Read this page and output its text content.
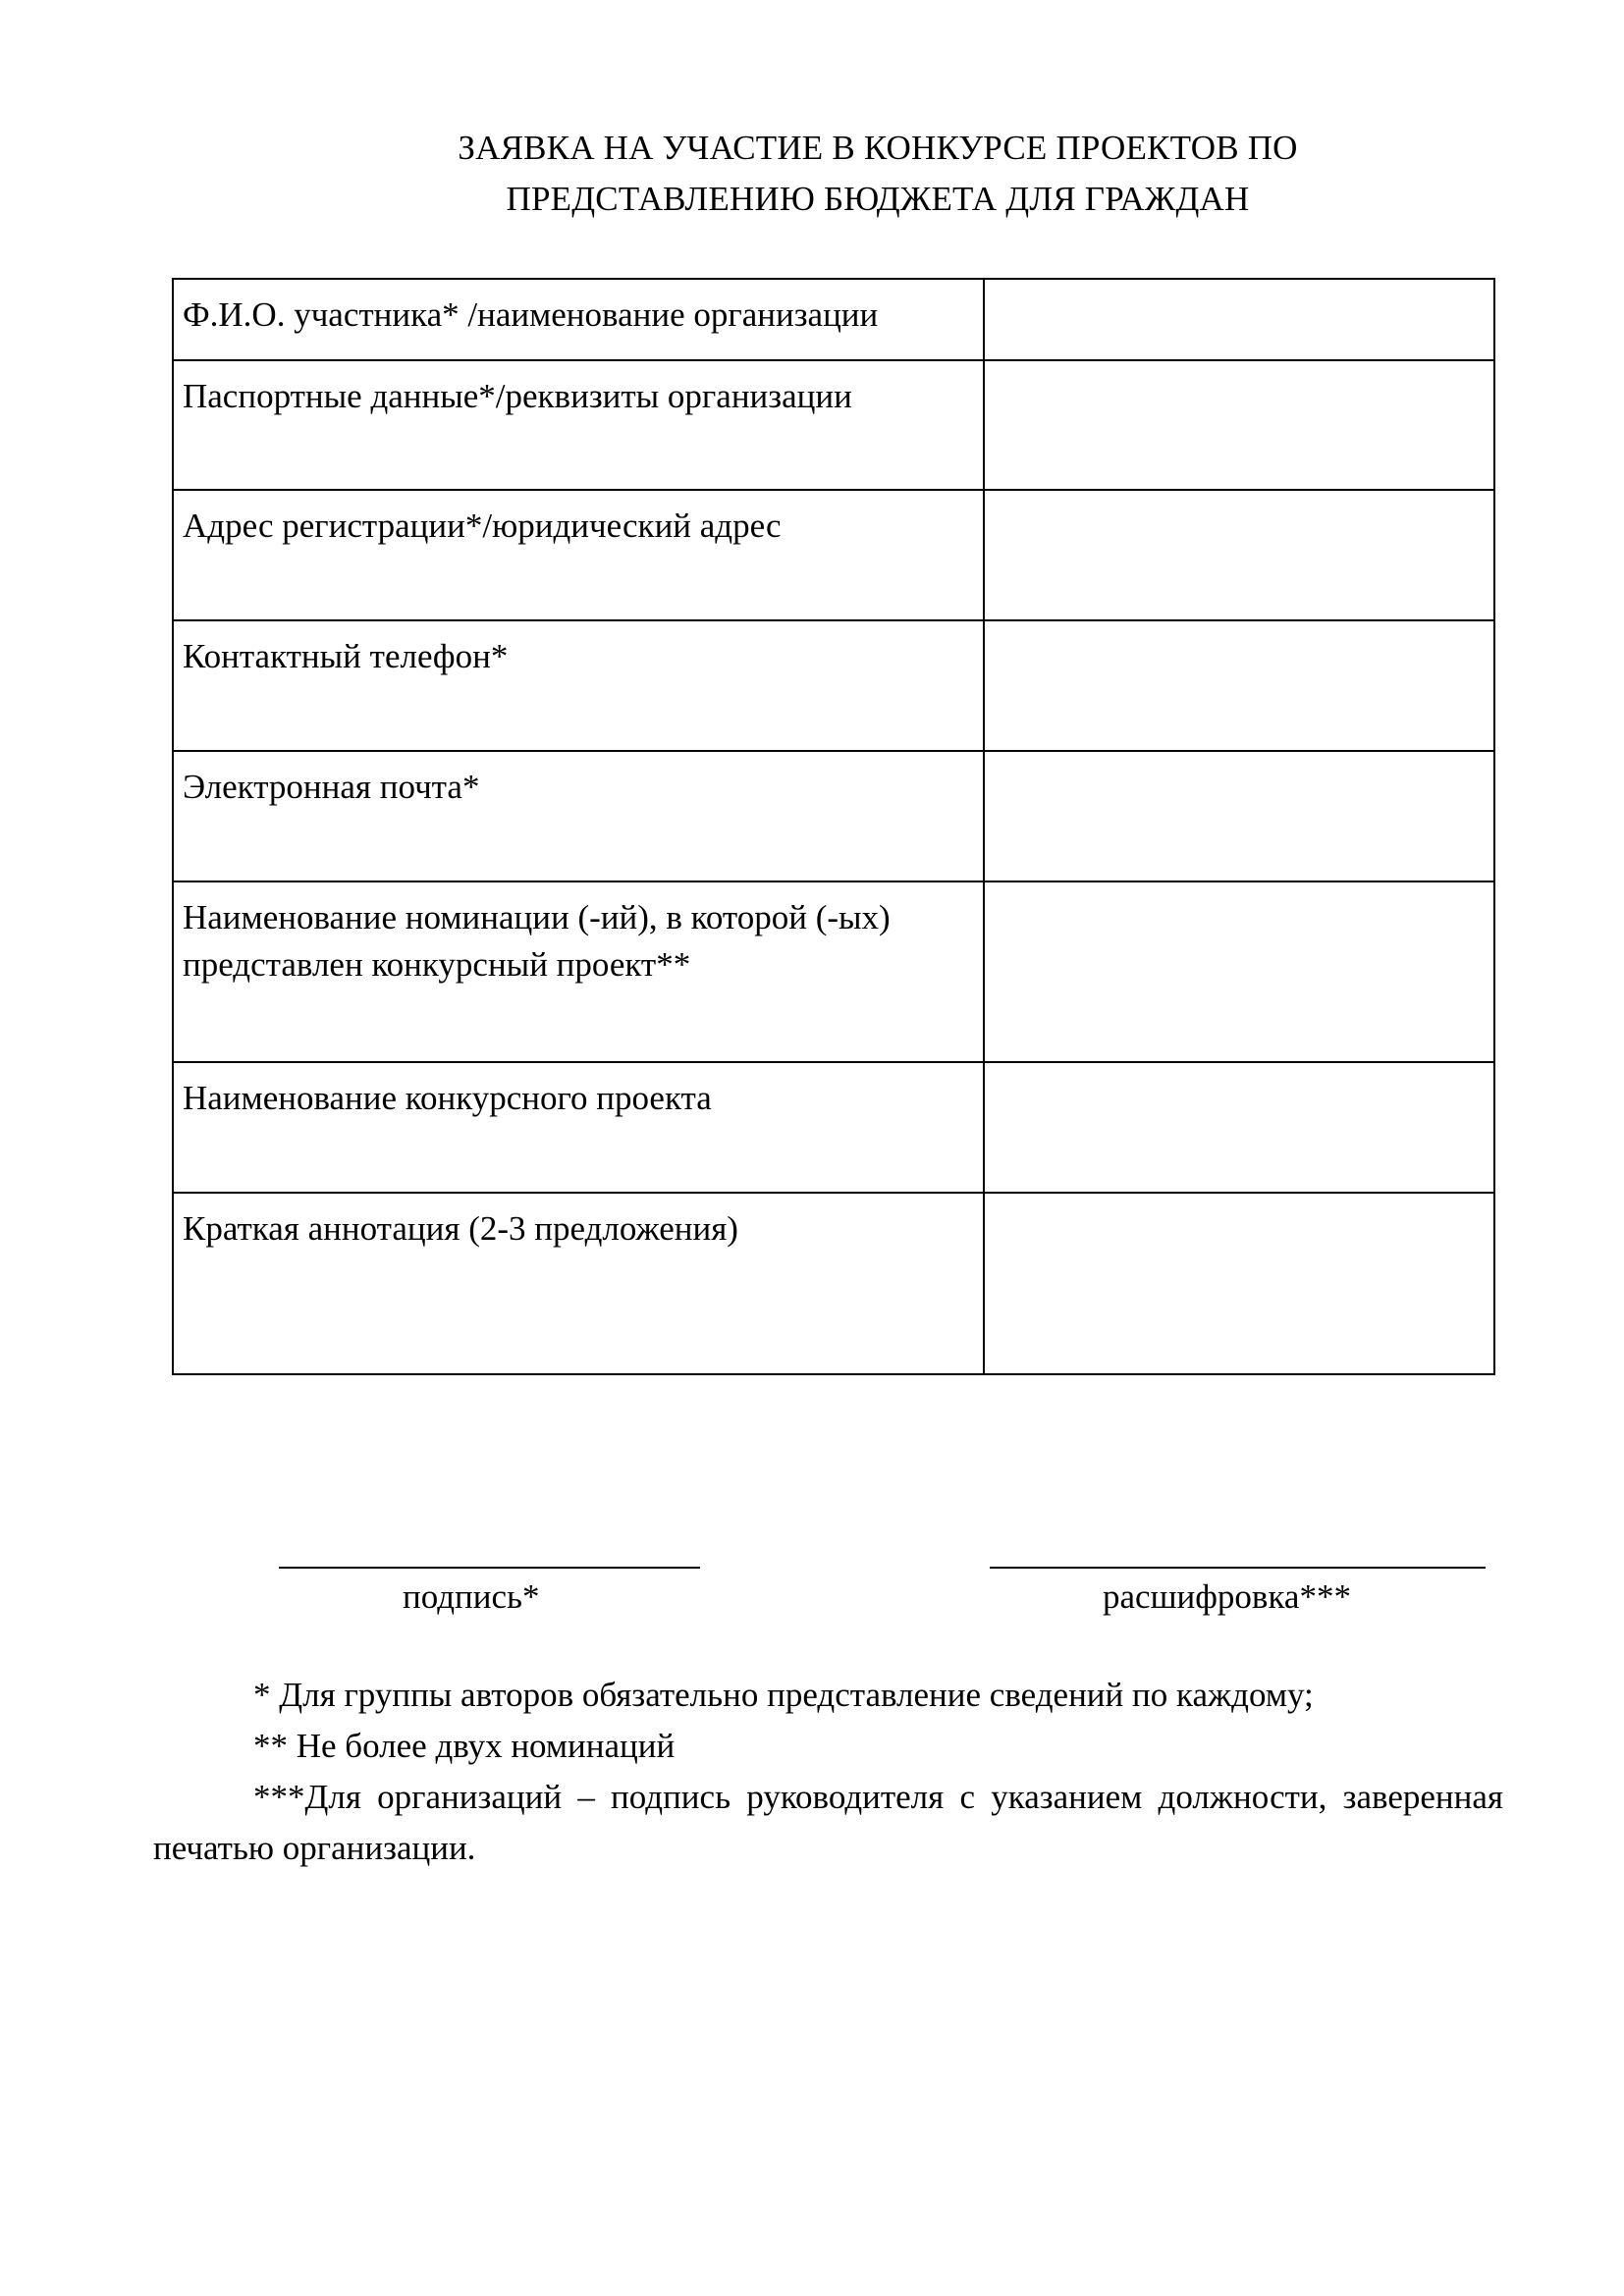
ЗАЯВКА НА УЧАСТИЕ В КОНКУРСЕ ПРОЕКТОВ ПО
ПРЕДСТАВЛЕНИЮ БЮДЖЕТА ДЛЯ ГРАЖДАН
Ф.И.О. участника* /наименование организации	
Паспортные данные*/реквизиты организации	
Адрес регистрации*/юридический адрес	
Контактный телефон*	
Электронная почта*	
Наименование номинации (-ий), в которой (-ых) представлен конкурсный проект**	
Наименование конкурсного проекта	
Краткая аннотация (2-3 предложения)	
подпись*	расшифровка***

* Для группы авторов обязательно представление сведений по каждому;

** Не более двух номинаций

***Для организаций – подпись руководителя с указанием должности, заверенная печатью организации.
